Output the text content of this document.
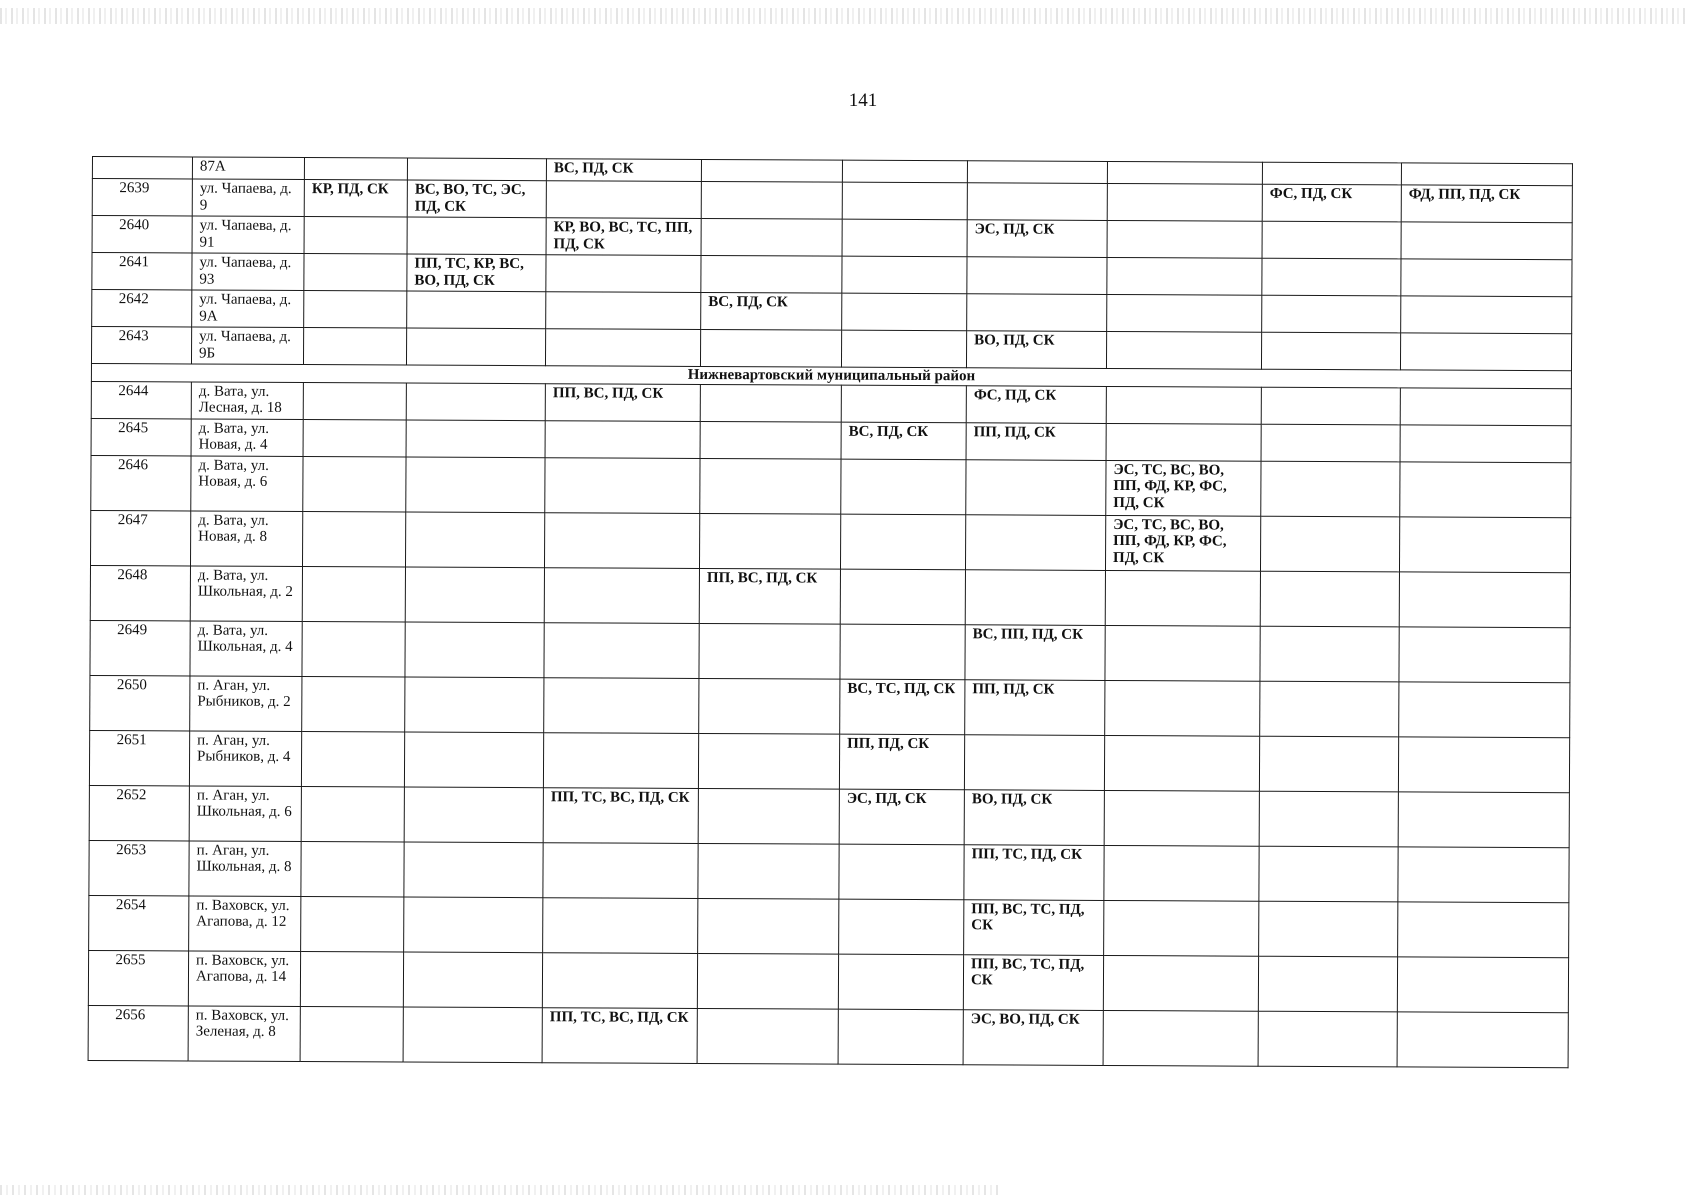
141
	87А			ВС, ПД, СК						
2639	ул. Чапаева, д. 9	КР, ПД, СК	ВС, ВО, ТС, ЭС, ПД, СК						ФС, ПД, СК	ФД, ПП, ПД, СК
2640	ул. Чапаева, д. 91			КР, ВО, ВС, ТС, ПП, ПД, СК			ЭС, ПД, СК			
2641	ул. Чапаева, д. 93		ПП, ТС, КР, ВС, ВО, ПД, СК							
2642	ул. Чапаева, д. 9А				ВС, ПД, СК					
2643	ул. Чапаева, д. 9Б						ВО, ПД, СК			
Нижневартовский муниципальный район										
2644	д. Вата, ул. Лесная, д. 18			ПП, ВС, ПД, СК			ФС, ПД, СК			
2645	д. Вата, ул. Новая, д. 4					ВС, ПД, СК	ПП, ПД, СК			
2646	д. Вата, ул. Новая, д. 6							ЭС, ТС, ВС, ВО, ПП, ФД, КР, ФС, ПД, СК		
2647	д. Вата, ул. Новая, д. 8							ЭС, ТС, ВС, ВО, ПП, ФД, КР, ФС, ПД, СК		
2648	д. Вата, ул. Школьная, д. 2				ПП, ВС, ПД, СК					
2649	д. Вата, ул. Школьная, д. 4						ВС, ПП, ПД, СК			
2650	п. Аган, ул. Рыбников, д. 2					ВС, ТС, ПД, СК	ПП, ПД, СК			
2651	п. Аган, ул. Рыбников, д. 4					ПП, ПД, СК				
2652	п. Аган, ул. Школьная, д. 6			ПП, ТС, ВС, ПД, СК		ЭС, ПД, СК	ВО, ПД, СК			
2653	п. Аган, ул. Школьная, д. 8						ПП, ТС, ПД, СК			
2654	п. Ваховск, ул. Агапова, д. 12						ПП, ВС, ТС, ПД, СК			
2655	п. Ваховск, ул. Агапова, д. 14						ПП, ВС, ТС, ПД, СК			
2656	п. Ваховск, ул. Зеленая, д. 8			ПП, ТС, ВС, ПД, СК			ЭС, ВО, ПД, СК			
